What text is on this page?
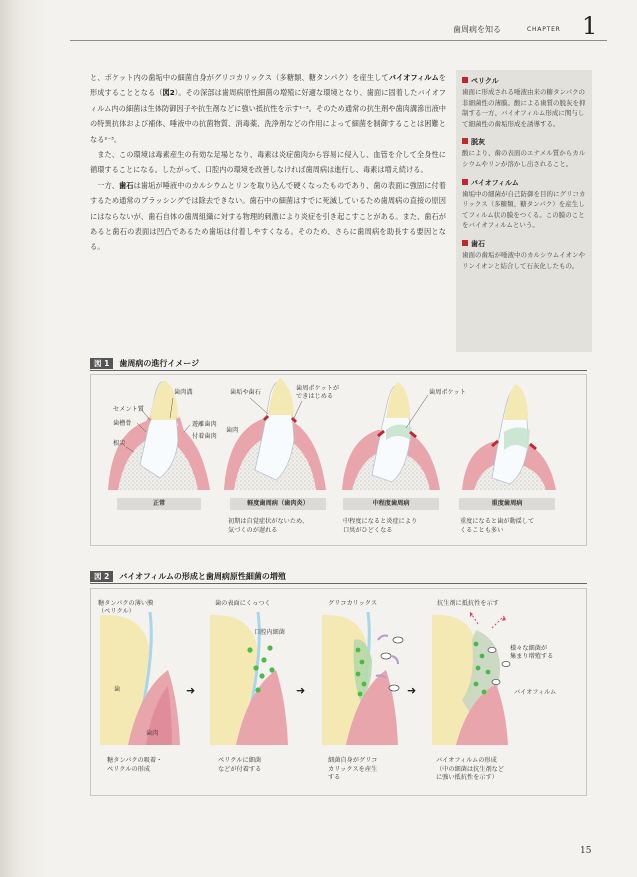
歯周病を知る	CHAPTER 1

と、ポケット内の歯垢中の細菌自身がグリコカリックス（多糖類、糖タンパク）を産生してバイオフィルムを形成することとなる（図2）。その深部は歯周病原性細菌の増殖に好適な環境となり、歯面に固着したバイオフィルム内の細菌は生体防御因子や抗生剤などに強い抵抗性を示す¹⁻³。そのため通常の抗生剤や歯肉溝滲出液中の特異抗体および補体、唾液中の抗菌物質、消毒薬、洗浄剤などの作用によって細菌を制御することは困難となる²⁻³。

また、この環境は毒素産生の有効な足場となり、毒素は炎症歯肉から容易に侵入し、血管を介して全身性に循環することになる。したがって、口腔内の環境を改善しなければ歯周病は進行し、毒素は増え続ける。

一方、歯石は歯垢が唾液中のカルシウムとリンを取り込んで硬くなったものであり、歯の表面に強固に付着するため通常のブラッシングでは除去できない。歯石中の細菌はすでに死滅しているため歯周病の直接の原因にはならないが、歯石自体の歯周組織に対する物理的刺激により炎症を引き起こすことがある。また、歯石があると歯石の表面は凹凸であるため歯垢は付着しやすくなる。そのため、さらに歯周病を助長する要因となる。

ペリクル
歯面に形成される唾液由来の糖タンパクの非細菌性の薄膜。酸による歯質の脱灰を抑制する一方、バイオフィルム形成に関与して細菌性の歯垢形成を誘導する。
脱灰
酸により、歯の表面のエナメル質からカルシウムやリンが溶かし出されること。
バイオフィルム
歯垢中の細菌が自己防御を目的にグリコカリックス（多糖類、糖タンパク）を産生してフィルム状の膜をつくる。この膜のことをバイオフィルムという。
歯石
歯面の歯垢が唾液中のカルシウムイオンやリンイオンと結合して石灰化したもの。
図 1 歯周病の進行イメージ
セメント質
歯槽骨
根尖
歯肉溝
遊離歯肉
付着歯肉
歯肉
歯垢や歯石
歯周ポケットが
できはじめる
歯周ポケット
正常	軽度歯周病（歯肉炎）	中程度歯周病	重度歯周病
初期は自覚症状がないため、
気づくのが遅れる
中程度になると炎症により
口臭がひどくなる
重度になると歯が動揺して
くることも多い
図 2 バイオフィルムの形成と歯周病原性細菌の増殖
➜	➜	➜
糖タンパクの薄い膜
（ペリクル）
歯の表面にくっつく
口腔内細菌
グリコカリックス	抗生剤に抵抗性を示す
様々な細菌が
集まり増殖する
バイオフィルム
歯
歯肉
糖タンパクの吸着・
ペリクルの形成
ペリクルに細菌
などが付着する
細菌自身がグリコ
カリックスを産生
する
バイオフィルムの形成
（中の細菌は抗生剤など
に強い抵抗性を示す）
15
